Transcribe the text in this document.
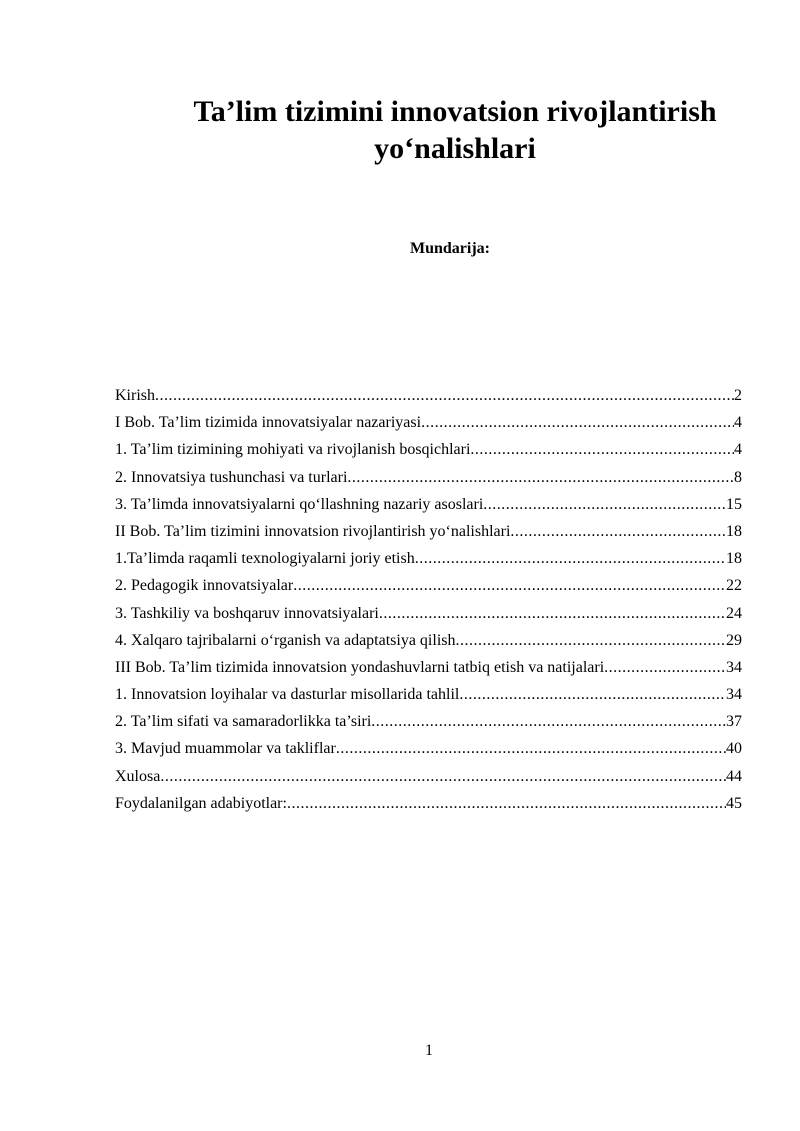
Ta’lim tizimini innovatsion rivojlantirish
yo‘nalishlari

Mundarija:

Kirish .....	2
I Bob. Ta’lim tizimida innovatsiyalar nazariyasi .....	4
1. Ta’lim tizimining mohiyati va rivojlanish bosqichlari .....	4
2. Innovatsiya tushunchasi va turlari .....	8
3. Ta’limda innovatsiyalarni qo‘llashning nazariy asoslari .....	15
II Bob. Ta’lim tizimini innovatsion rivojlantirish yo‘nalishlari .....	18
1.Ta’limda raqamli texnologiyalarni joriy etish .....	18
2. Pedagogik innovatsiyalar .....	22
3. Tashkiliy va boshqaruv innovatsiyalari .....	24
4. Xalqaro tajribalarni o‘rganish va adaptatsiya qilish .....	29
III Bob. Ta’lim tizimida innovatsion yondashuvlarni tatbiq etish va natijalari .....	34
1. Innovatsion loyihalar va dasturlar misollarida tahlil .....	34
2. Ta’lim sifati va samaradorlikka ta’siri .....	37
3. Mavjud muammolar va takliflar .....	40
Xulosa .....	44
Foydalanilgan adabiyotlar: .....	45
1
